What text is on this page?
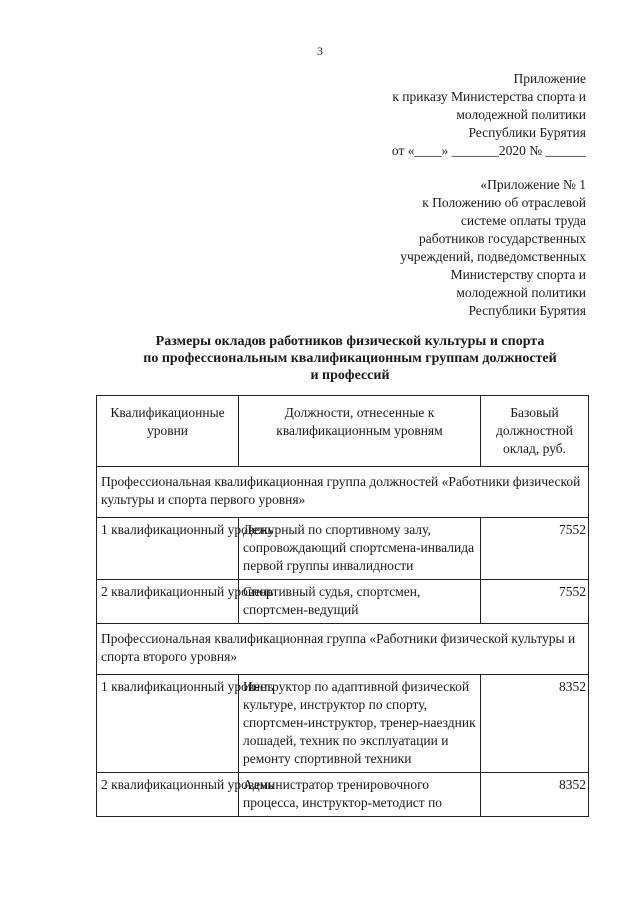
3
Приложение
к приказу Министерства спорта и
молодежной политики
Республики Бурятия
от «____» _______2020 № ______
«Приложение № 1
к Положению об отраслевой
системе оплаты труда
работников государственных
учреждений, подведомственных
Министерству спорта и
молодежной политики
Республики Бурятия
Размеры окладов работников физической культуры и спорта
по профессиональным квалификационным группам должностей
и профессий
Квалификационные уровни	Должности, отнесенные к квалификационным уровням	Базовый должностной оклад, руб.
Профессиональная квалификационная группа должностей «Работники физической культуры и спорта первого уровня»		
1 квалификационный уровень	Дежурный по спортивному залу, сопровождающий спортсмена-инвалида первой группы инвалидности	7552
2 квалификационный уровень	Спортивный судья, спортсмен, спортсмен-ведущий	7552
Профессиональная квалификационная группа «Работники физической культуры и спорта второго уровня»		
1 квалификационный уровень	Инструктор по адаптивной физической культуре, инструктор по спорту, спортсмен-инструктор, тренер-наездник лошадей, техник по эксплуатации и ремонту спортивной техники	8352
2 квалификационный уровень	Администратор тренировочного процесса, инструктор-методист по	8352
